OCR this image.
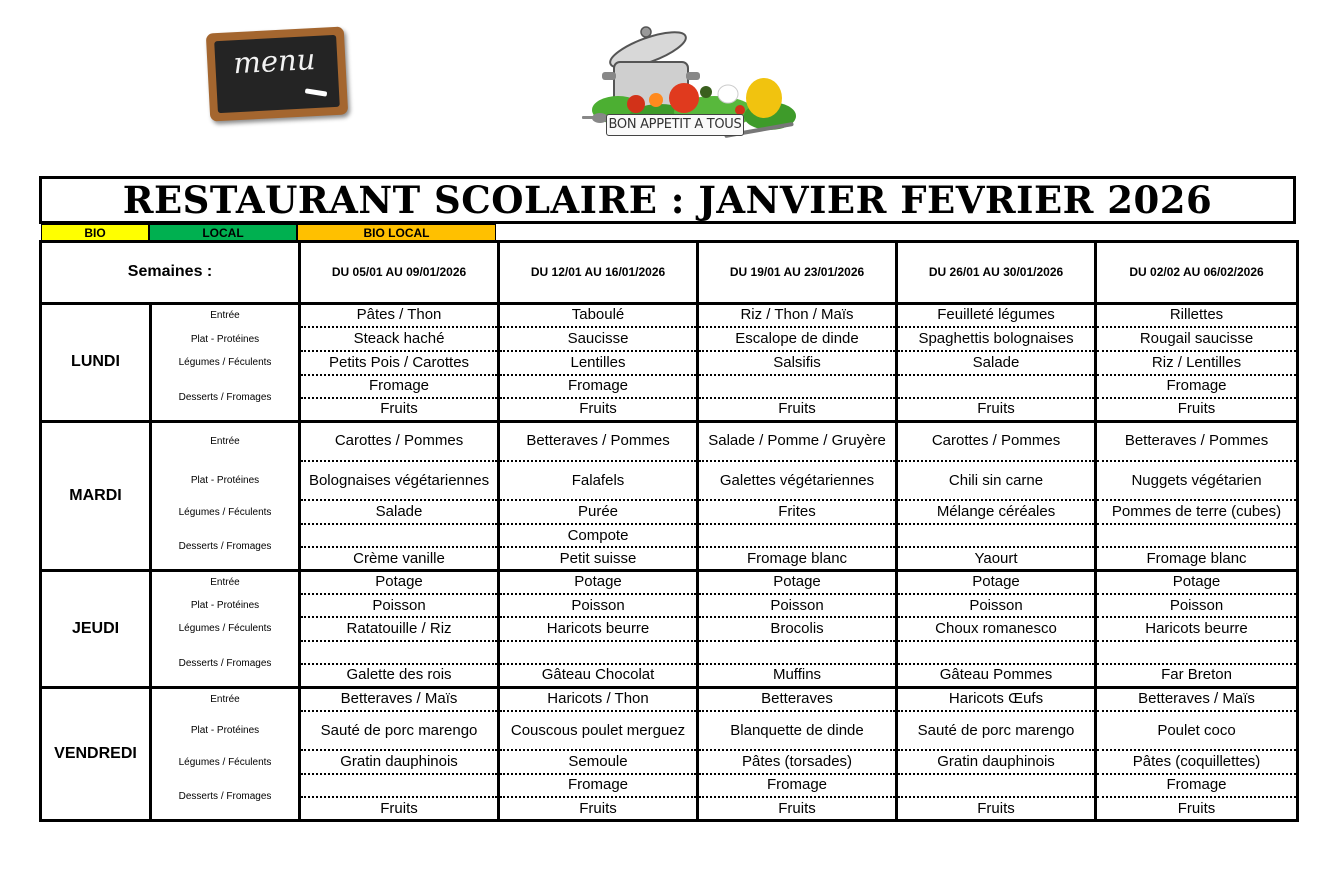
menu
BON APPETIT A TOUS
RESTAURANT SCOLAIRE : JANVIER FEVRIER 2026
BIO	LOCAL	BIO LOCAL
Semaines :		DU 05/01 AU 09/01/2026	DU 12/01 AU 16/01/2026	DU 19/01 AU 23/01/2026	DU 26/01 AU 30/01/2026	DU 02/02 AU 06/02/2026
LUNDI	Entrée	Pâtes / Thon	Taboulé	Riz / Thon / Maïs	Feuilleté légumes	Rillettes
	Plat - Protéines	Steack haché	Saucisse	Escalope de dinde	Spaghettis bolognaises	Rougail saucisse
	Légumes / Féculents	Petits Pois / Carottes	Lentilles	Salsifis	Salade	Riz / Lentilles
	Desserts / Fromages	Fromage	Fromage			Fromage
		Fruits	Fruits	Fruits	Fruits	Fruits
MARDI	Entrée	Carottes / Pommes	Betteraves / Pommes	Salade / Pomme / Gruyère	Carottes / Pommes	Betteraves / Pommes
	Plat - Protéines	Bolognaises végétariennes	Falafels	Galettes végétariennes	Chili sin carne	Nuggets végétarien
	Légumes / Féculents	Salade	Purée	Frites	Mélange céréales	Pommes de terre (cubes)
	Desserts / Fromages		Compote			
		Crème vanille	Petit suisse	Fromage blanc	Yaourt	Fromage blanc
JEUDI	Entrée	Potage	Potage	Potage	Potage	Potage
	Plat - Protéines	Poisson	Poisson	Poisson	Poisson	Poisson
	Légumes / Féculents	Ratatouille / Riz	Haricots beurre	Brocolis	Choux romanesco	Haricots beurre
	Desserts / Fromages					
		Galette des rois	Gâteau Chocolat	Muffins	Gâteau Pommes	Far Breton
VENDREDI	Entrée	Betteraves / Maïs	Haricots / Thon	Betteraves	Haricots Œufs	Betteraves / Maïs
	Plat - Protéines	Sauté de porc marengo	Couscous poulet merguez	Blanquette de dinde	Sauté de porc marengo	Poulet coco
	Légumes / Féculents	Gratin dauphinois	Semoule	Pâtes (torsades)	Gratin dauphinois	Pâtes (coquillettes)
	Desserts / Fromages		Fromage	Fromage		Fromage
		Fruits	Fruits	Fruits	Fruits	Fruits
